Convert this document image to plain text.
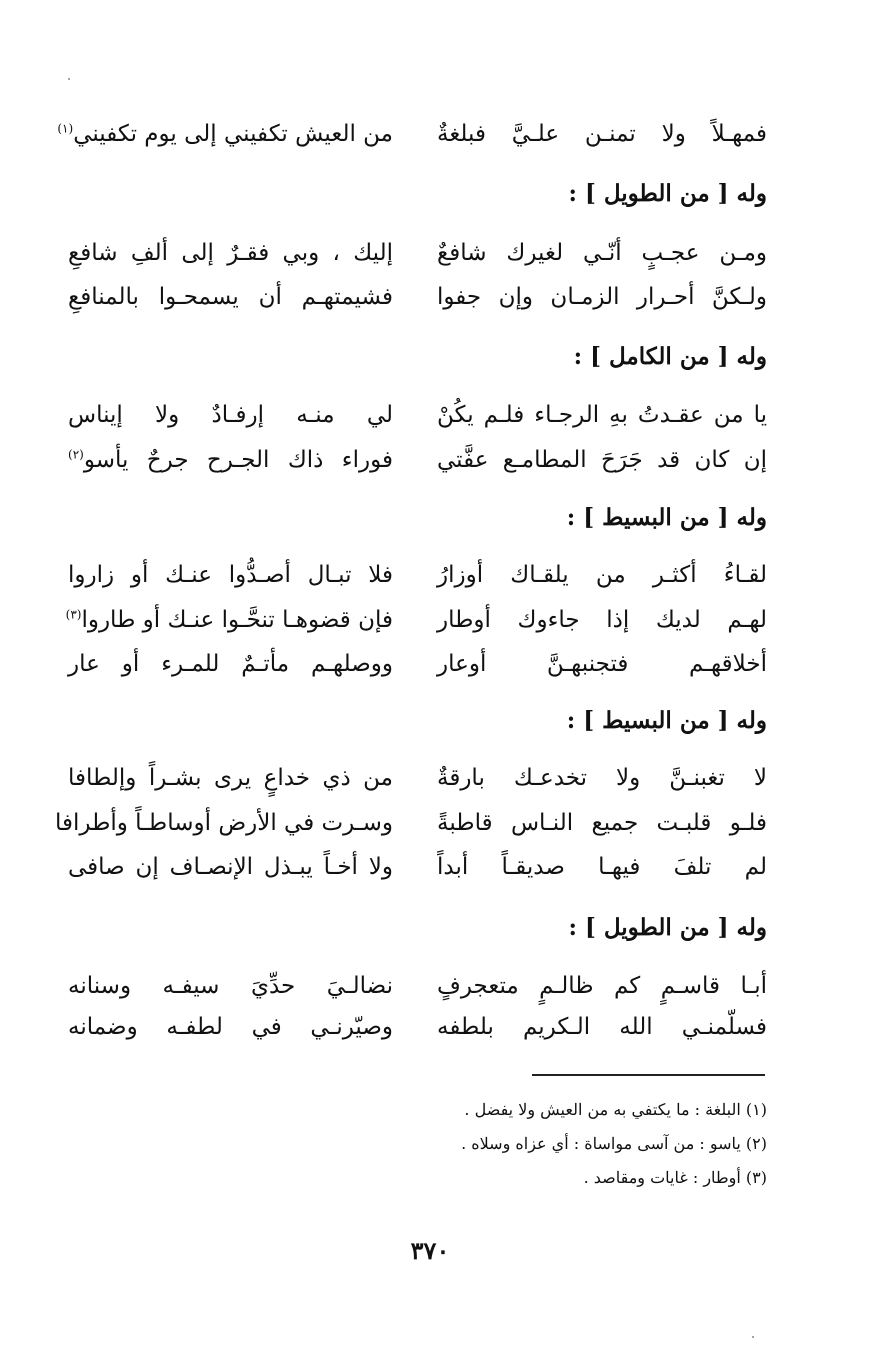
فمهـلاً ولا تمنـن علـيَّ فبلغةٌ
من العيش تكفيني إلى يوم تكفيني$^{(١)}$
وله [ من الطويل ] :
ومـن عجـبٍ أنّـي لغيرك شافعٌ
إليك ، وبي فقـرٌ إلى ألفِ شافعِ
ولـكنَّ أحـرار الزمـان وإن جفوا
فشيمتهـم أن يسمحـوا بالمنافعِ
وله [ من الكامل ] :
يا من عقـدتُ بهِ الرجـاء فلـم يكُنْ
لي منـه إرفـادٌ ولا إيناس
إن كان قد جَرَحَ المطامـع عفَّتي
فوراء ذاك الجـرح جرحٌ يأسو$^{(٢)}$
وله [ من البسيط ] :
لقـاءُ أكثـر من يلقـاك أوزارُ
فلا تبـال أصـدُّوا عنـك أو زاروا
لهـم لديك إذا جاءوك أوطار
فإن قضوهـا تنحَّـوا عنـك أو طاروا$^{(٣)}$
أخلاقهـم فتجنبهـنَّ أوعار
ووصلهـم مأتـمٌ للمـرء أو عار
وله [ من البسيط ] :
لا تغبنـنَّ ولا تخدعـك بارقةٌ
من ذي خداعٍ يرى بشـراً وإلطافا
فلـو قلبـت جميع النـاس قاطبةً
وسـرت في الأرض أوساطـاً وأطرافا
لم تلفَ فيهـا صديقـاً أبداً
ولا أخـاً يبـذل الإنصـاف إن صافى
وله [ من الطويل ] :
أبـا قاسـمٍ كم ظالـمٍ متعجرفٍ
نضالـيَ حدِّيَ سيفـه وسنانه
فسلّمنـي الله الـكريم بلطفه
وصيّرنـي في لطفـه وضمانه
(١) البلغة : ما يكتفي به من العيش ولا يفضل .
(٢) ياسو : من آسى مواساة : أي عزاه وسلاه .
(٣) أوطار : غايات ومقاصد .
٣٧٠
